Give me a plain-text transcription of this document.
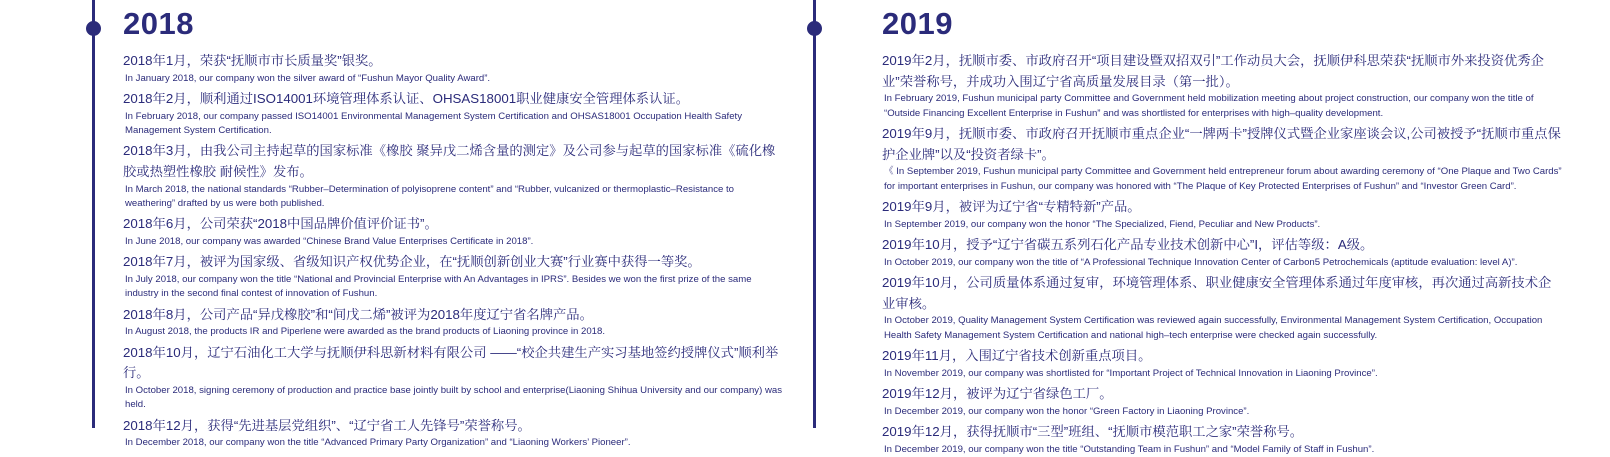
2018

2018年1月，荣获“抚顺市市长质量奖”银奖。

In January 2018, our company won the silver award of “Fushun Mayor Quality Award”.

2018年2月，顺利通过ISO14001环境管理体系认证、OHSAS18001职业健康安全管理体系认证。

In February 2018, our company passed ISO14001 Environmental Management System Certification and OHSAS18001 Occupation Health Safety Management System Certification.

2018年3月，由我公司主持起草的国家标准《橡胶 聚异戊二烯含量的测定》及公司参与起草的国家标准《硫化橡胶或热塑性橡胶 耐候性》发布。

In March 2018, the national standards “Rubber–Determination of polyisoprene content” and “Rubber, vulcanized or thermoplastic–Resistance to weathering” drafted by us were both published.

2018年6月，公司荣获“2018中国品牌价值评价证书”。

In June 2018, our company was awarded “Chinese Brand Value Enterprises Certificate in 2018”.

2018年7月，被评为国家级、省级知识产权优势企业，在“抚顺创新创业大赛”行业赛中获得一等奖。

In July 2018, our company won the title “National and Provincial Enterprise with An Advantages in IPRS”. Besides we won the first prize of the same industry in the second final contest of innovation of Fushun.

2018年8月，公司产品“异戊橡胶”和“间戊二烯”被评为2018年度辽宁省名牌产品。

In August 2018, the products IR and Piperlene were awarded as the brand products of Liaoning province in 2018.

2018年10月，辽宁石油化工大学与抚顺伊科思新材料有限公司 ——“校企共建生产实习基地签约授牌仪式”顺利举行。

In October 2018, signing ceremony of production and practice base jointly built by school and enterprise(Liaoning Shihua University and our company) was held.

2018年12月，获得“先进基层党组织”、“辽宁省工人先锋号”荣誉称号。

In December 2018, our company won the title “Advanced Primary Party Organization” and “Liaoning Workers’ Pioneer”.

2019

2019年2月，抚顺市委、市政府召开“项目建设暨双招双引”工作动员大会，抚顺伊科思荣获“抚顺市外来投资优秀企业”荣誉称号，并成功入围辽宁省高质量发展目录（第一批）。

In February 2019, Fushun municipal party Committee and Government held mobilization meeting about project construction, our company won the title of “Outside Financing Excellent Enterprise in Fushun” and was shortlisted for enterprises with high–quality development.

2019年9月，抚顺市委、市政府召开抚顺市重点企业“一牌两卡”授牌仪式暨企业家座谈会议,公司被授予“抚顺市重点保护企业牌”以及“投资者绿卡”。

《 In September 2019, Fushun municipal party Committee and Government held entrepreneur forum about awarding ceremony of “One Plaque and Two Cards” for important enterprises in Fushun, our company was honored with “The Plaque of Key Protected Enterprises of Fushun” and “Investor Green Card”.

2019年9月，被评为辽宁省“专精特新”产品。

In September 2019, our company won the honor “The Specialized, Fiend, Peculiar and New Products”.

2019年10月，授予“辽宁省碳五系列石化产品专业技术创新中心”I，评估等级：A级。

In October 2019, our company won the title of “A Professional Technique Innovation Center of Carbon5 Petrochemicals (aptitude evaluation: level A)”.

2019年10月，公司质量体系通过复审，环境管理体系、职业健康安全管理体系通过年度审核，再次通过高新技术企业审核。

In October 2019, Quality Management System Certification was reviewed again successfully, Environmental Management System Certification, Occupation Health Safety Management System Certification and national high–tech enterprise were checked again successfully.

2019年11月，入围辽宁省技术创新重点项目。

In November 2019, our company was shortlisted for “Important Project of Technical Innovation in Liaoning Province”.

2019年12月，被评为辽宁省绿色工厂。

In December 2019, our company won the honor “Green Factory in Liaoning Province”.

2019年12月，获得抚顺市“三型”班组、“抚顺市模范职工之家”荣誉称号。

In December 2019, our company won the title “Outstanding Team in Fushun” and “Model Family of Staff in Fushun”.
